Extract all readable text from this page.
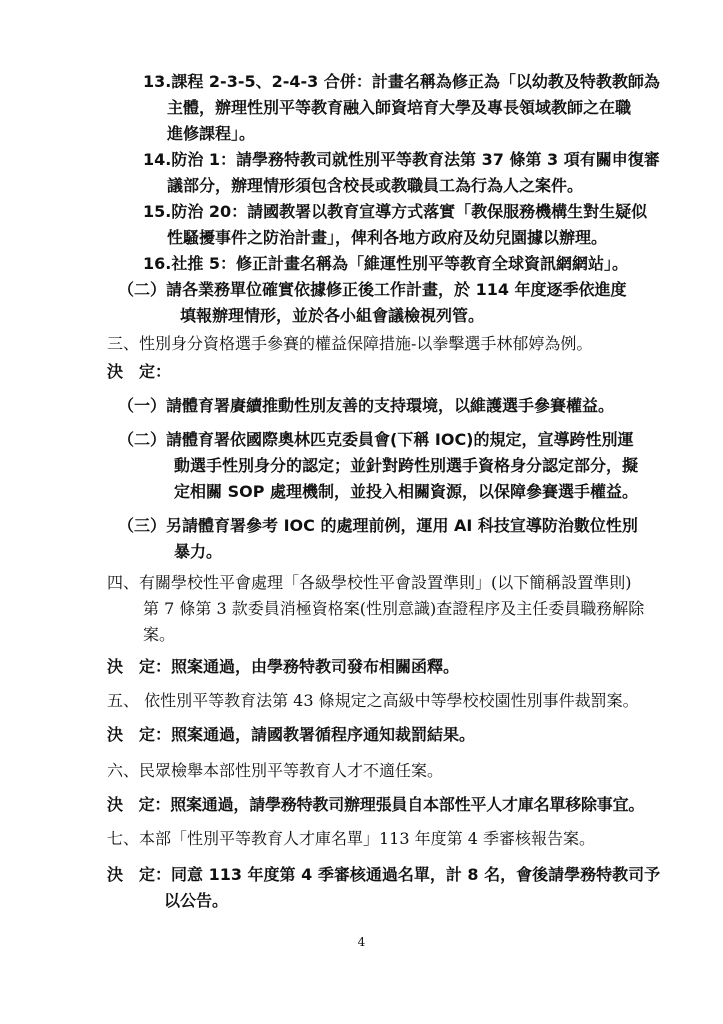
13.課程 2-3-5、2-4-3 合併：計畫名稱為修正為「以幼教及特教教師為
主體，辦理性別平等教育融入師資培育大學及專長領域教師之在職
進修課程」。
14.防治 1：請學務特教司就性別平等教育法第 37 條第 3 項有關申復審
議部分，辦理情形須包含校長或教職員工為行為人之案件。
15.防治 20：請國教署以教育宣導方式落實「教保服務機構生對生疑似
性騷擾事件之防治計畫」，俾利各地方政府及幼兒園據以辦理。
16.社推 5：修正計畫名稱為「維運性別平等教育全球資訊網網站」。
（二）請各業務單位確實依據修正後工作計畫，於 114 年度逐季依進度
填報辦理情形，並於各小組會議檢視列管。
三、性別身分資格選手參賽的權益保障措施-以拳擊選手林郁婷為例。
決　定：
（一）請體育署賡續推動性別友善的支持環境，以維護選手參賽權益。
（二）請體育署依國際奧林匹克委員會(下稱 IOC)的規定，宣導跨性別運
動選手性別身分的認定；並針對跨性別選手資格身分認定部分，擬
定相關 SOP 處理機制，並投入相關資源，以保障參賽選手權益。
（三）另請體育署參考 IOC 的處理前例，運用 AI 科技宣導防治數位性別
暴力。
四、有關學校性平會處理「各級學校性平會設置準則」(以下簡稱設置準則)
第 7 條第 3 款委員消極資格案(性別意識)查證程序及主任委員職務解除
案。
決　定：照案通過，由學務特教司發布相關函釋。
五、 依性別平等教育法第 43 條規定之高級中等學校校園性別事件裁罰案。
決　定：照案通過，請國教署循程序通知裁罰結果。
六、民眾檢舉本部性別平等教育人才不適任案。
決　定：照案通過，請學務特教司辦理張員自本部性平人才庫名單移除事宜。
七、本部「性別平等教育人才庫名單」113 年度第 4 季審核報告案。
決　定：同意 113 年度第 4 季審核通過名單，計 8 名，會後請學務特教司予
以公告。
4
